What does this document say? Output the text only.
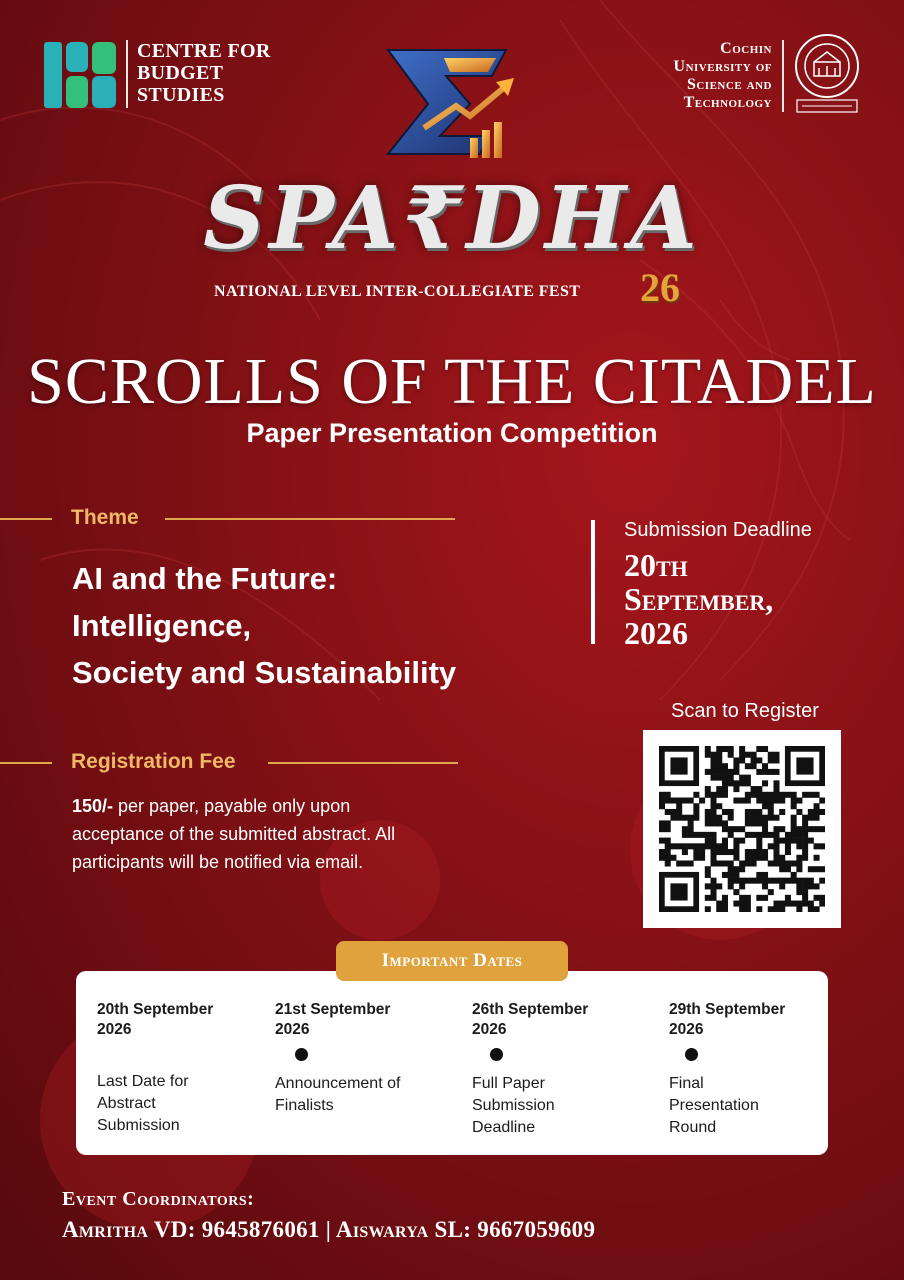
CENTRE FOR
BUDGET
STUDIES
Cochin
University of
Science and
Technology
SPA₹DHA
NATIONAL LEVEL INTER-COLLEGIATE FEST 26
SCROLLS OF THE CITADEL
Paper Presentation Competition
Theme
AI and the Future:
Intelligence,
Society and Sustainability
Submission Deadline
20th
September,
2026
Registration Fee
150/- per paper, payable only upon acceptance of the submitted abstract. All participants will be notified via email.
Scan to Register
Important Dates
20th September
2026
Last Date for Abstract Submission
21st September
2026
Announcement of Finalists
26th September
2026
Full Paper Submission Deadline
29th September
2026
Final Presentation Round
Event Coordinators:
Amritha VD: 9645876061 | Aiswarya SL: 9667059609
